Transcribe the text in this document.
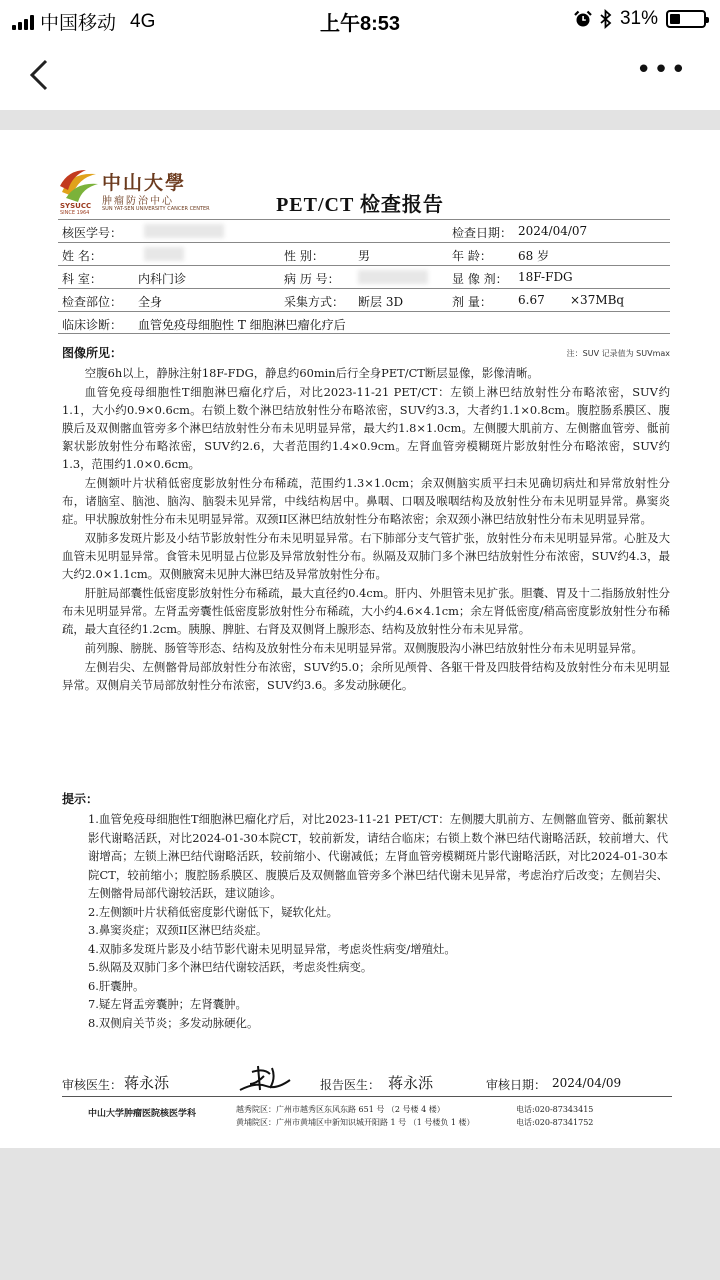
中国移动 4G	上午8:53	31%
•••
中山大學
肿瘤防治中心
SUN YAT-SEN UNIVERSITY CANCER CENTER
SYSUCC
SINCE 1964	PET/CT 检查报告
核医学号：	检查日期： 2024/04/07
姓 名：	性 别：	男	年 龄： 68 岁
科 室：	内科门诊	病 历 号：	显 像 剂： 18F-FDG
检查部位： 全身	采集方式： 断层 3D	剂 量： 6.67 ×37MBq
临床诊断： 血管免疫母细胞性 T 细胞淋巴瘤化疗后
图像所见：	注：SUV 记录值为 SUVmax

空腹6h以上，静脉注射18F-FDG，静息约60min后行全身PET/CT断层显像，影像清晰。

血管免疫母细胞性T细胞淋巴瘤化疗后，对比2023-11-21 PET/CT：左锁上淋巴结放射性分布略浓密，SUV约1.1，大小约0.9×0.6cm。右锁上数个淋巴结放射性分布略浓密，SUV约3.3，大者约1.1×0.8cm。腹腔肠系膜区、腹膜后及双侧髂血管旁多个淋巴结放射性分布未见明显异常，最大约1.8×1.0cm。左侧腰大肌前方、左侧髂血管旁、骶前絮状影放射性分布略浓密，SUV约2.6，大者范围约1.4×0.9cm。左肾血管旁模糊斑片影放射性分布略浓密，SUV约1.3，范围约1.0×0.6cm。

左侧额叶片状稍低密度影放射性分布稀疏，范围约1.3×1.0cm；余双侧脑实质平扫未见确切病灶和异常放射性分布，诸脑室、脑池、脑沟、脑裂未见异常，中线结构居中。鼻咽、口咽及喉咽结构及放射性分布未见明显异常。鼻窦炎症。甲状腺放射性分布未见明显异常。双颈II区淋巴结放射性分布略浓密；余双颈小淋巴结放射性分布未见明显异常。

双肺多发斑片影及小结节影放射性分布未见明显异常。右下肺部分支气管扩张，放射性分布未见明显异常。心脏及大血管未见明显异常。食管未见明显占位影及异常放射性分布。纵隔及双肺门多个淋巴结放射性分布浓密，SUV约4.3，最大约2.0×1.1cm。双侧腋窝未见肿大淋巴结及异常放射性分布。

肝脏局部囊性低密度影放射性分布稀疏，最大直径约0.4cm。肝内、外胆管未见扩张。胆囊、胃及十二指肠放射性分布未见明显异常。左肾盂旁囊性低密度影放射性分布稀疏，大小约4.6×4.1cm；余左肾低密度/稍高密度影放射性分布稀疏，最大直径约1.2cm。胰腺、脾脏、右肾及双侧肾上腺形态、结构及放射性分布未见异常。

前列腺、膀胱、肠管等形态、结构及放射性分布未见明显异常。双侧腹股沟小淋巴结放射性分布未见明显异常。

左侧岩尖、左侧髂骨局部放射性分布浓密，SUV约5.0；余所见颅骨、各躯干骨及四肢骨结构及放射性分布未见明显异常。双侧肩关节局部放射性分布浓密，SUV约3.6。多发动脉硬化。

提示：

1.血管免疫母细胞性T细胞淋巴瘤化疗后，对比2023-11-21 PET/CT：左侧腰大肌前方、左侧髂血管旁、骶前絮状影代谢略活跃，对比2024-01-30本院CT，较前新发，请结合临床；右锁上数个淋巴结代谢略活跃，较前增大、代谢增高；左锁上淋巴结代谢略活跃，较前缩小、代谢减低；左肾血管旁模糊斑片影代谢略活跃，对比2024-01-30本院CT，较前缩小；腹腔肠系膜区、腹膜后及双侧髂血管旁多个淋巴结代谢未见异常，考虑治疗后改变；左侧岩尖、左侧髂骨局部代谢较活跃，建议随诊。

2.左侧额叶片状稍低密度影代谢低下，疑软化灶。

3.鼻窦炎症；双颈II区淋巴结炎症。

4.双肺多发斑片影及小结节影代谢未见明显异常，考虑炎性病变/增殖灶。

5.纵隔及双肺门多个淋巴结代谢较活跃，考虑炎性病变。

6.肝囊肿。

7.疑左肾盂旁囊肿；左肾囊肿。

8.双侧肩关节炎；多发动脉硬化。

审核医生： 蒋永泺	报告医生： 蒋永泺	审核日期： 2024/04/09
中山大学肿瘤医院核医学科	越秀院区：广州市越秀区东风东路 651 号 （2 号楼 4 楼）
黄埔院区：广州市黄埔区中新知识城开阳路 1 号 （1 号楼负 1 楼）
电话:020-87343415
电话:020-87341752
